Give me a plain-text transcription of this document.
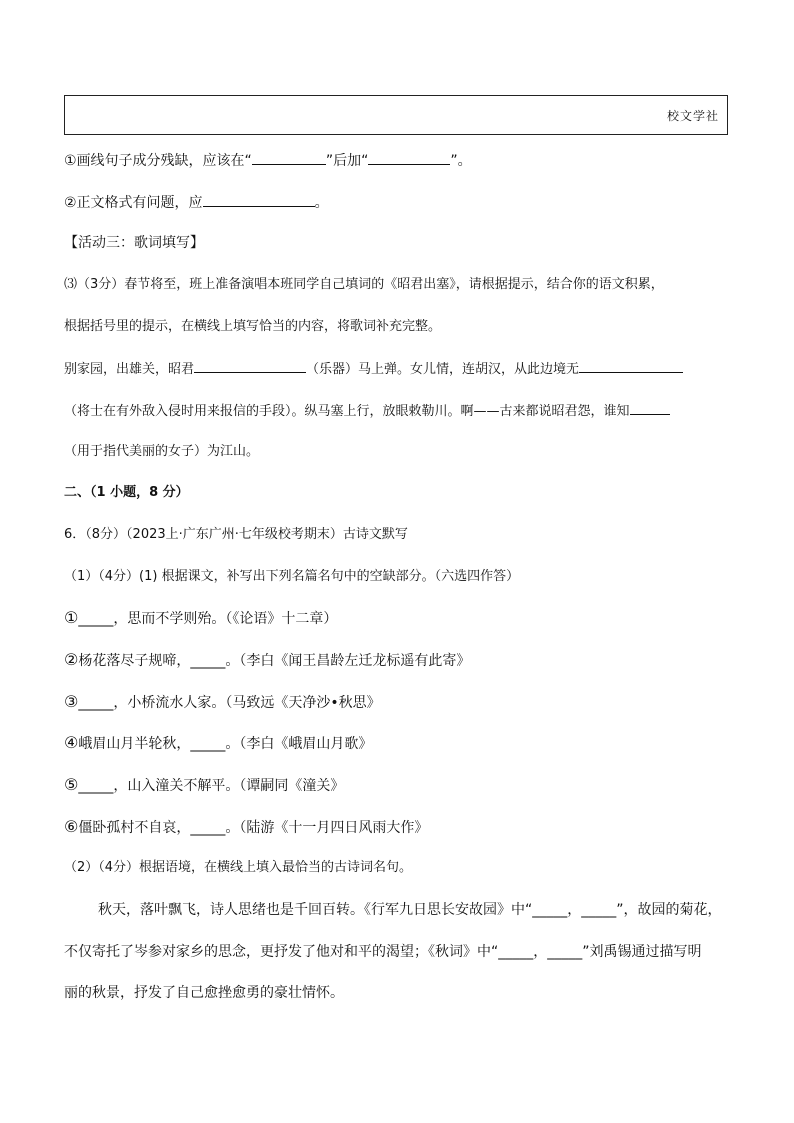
校文学社
①画线句子成分残缺，应该在“	”后加“	”。
②正文格式有问题，应	。
【活动三：歌词填写】
⑶（3分）春节将至，班上准备演唱本班同学自己填词的《昭君出塞》，请根据提示，结合你的语文积累，
根据括号里的提示，在横线上填写恰当的内容，将歌词补充完整。
别家园，出雄关，昭君	（乐器）马上弹。女儿情，连胡汉，从此边境无
（将士在有外敌入侵时用来报信的手段）。纵马塞上行，放眼敕勒川。啊——古来都说昭君怨，谁知
（用于指代美丽的女子）为江山。
二、（1 小题，8 分）
6．（8分）（2023上·广东广州·七年级校考期末）古诗文默写
（1）（4分）(1) 根据课文，补写出下列名篇名句中的空缺部分。（六选四作答）
①_____，思而不学则殆。（《论语》十二章）
②杨花落尽子规啼，_____。（李白《闻王昌龄左迁龙标遥有此寄》
③_____，小桥流水人家。（马致远《天净沙•秋思》
④峨眉山月半轮秋，_____。（李白《峨眉山月歌》
⑤_____，山入潼关不解平。（谭嗣同《潼关》
⑥僵卧孤村不自哀，_____。（陆游《十一月四日风雨大作》
（2）（4分）根据语境，在横线上填入最恰当的古诗词名句。
秋天，落叶飘飞，诗人思绪也是千回百转。《行军九日思长安故园》中“_____，_____”，故园的菊花，
不仅寄托了岑参对家乡的思念，更抒发了他对和平的渴望；《秋词》中“_____，_____”刘禹锡通过描写明
丽的秋景，抒发了自己愈挫愈勇的豪壮情怀。
